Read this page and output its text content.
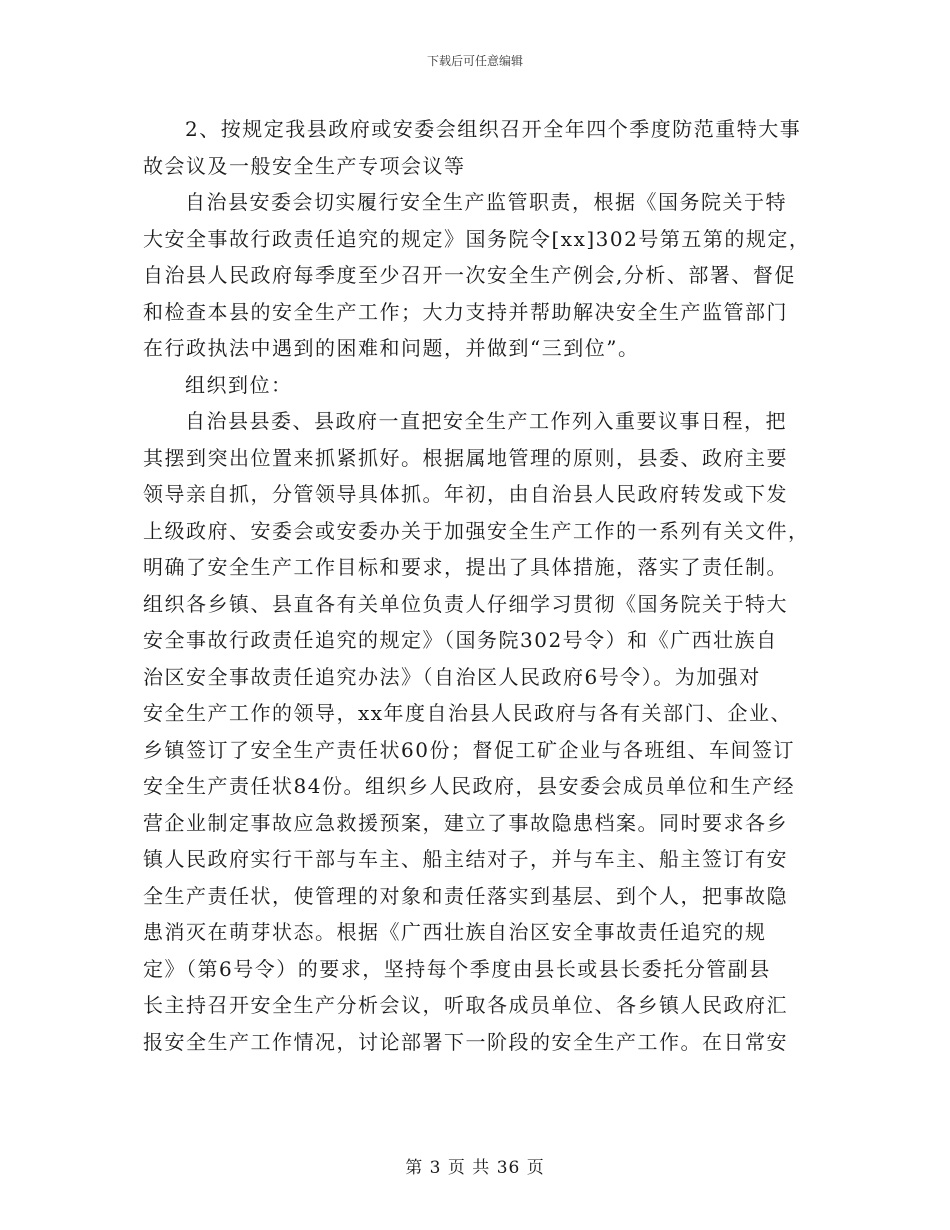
下载后可任意编辑
2、按规定我县政府或安委会组织召开全年四个季度防范重特大事
故会议及一般安全生产专项会议等
自治县安委会切实履行安全生产监管职责，根据《国务院关于特
大安全事故行政责任追究的规定》国务院令[xx]302号第五第的规定，
自治县人民政府每季度至少召开一次安全生产例会,分析、部署、督促
和检查本县的安全生产工作；大力支持并帮助解决安全生产监管部门
在行政执法中遇到的困难和问题，并做到“三到位”。
组织到位：
自治县县委、县政府一直把安全生产工作列入重要议事日程，把
其摆到突出位置来抓紧抓好。根据属地管理的原则，县委、政府主要
领导亲自抓，分管领导具体抓。年初，由自治县人民政府转发或下发
上级政府、安委会或安委办关于加强安全生产工作的一系列有关文件，
明确了安全生产工作目标和要求，提出了具体措施，落实了责任制。
组织各乡镇、县直各有关单位负责人仔细学习贯彻《国务院关于特大
安全事故行政责任追究的规定》（国务院302号令）和《广西壮族自
治区安全事故责任追究办法》（自治区人民政府6号令）。为加强对
安全生产工作的领导，xx年度自治县人民政府与各有关部门、企业、
乡镇签订了安全生产责任状60份；督促工矿企业与各班组、车间签订
安全生产责任状84份。组织乡人民政府，县安委会成员单位和生产经
营企业制定事故应急救援预案，建立了事故隐患档案。同时要求各乡
镇人民政府实行干部与车主、船主结对子，并与车主、船主签订有安
全生产责任状，使管理的对象和责任落实到基层、到个人，把事故隐
患消灭在萌芽状态。根据《广西壮族自治区安全事故责任追究的规
定》（第6号令）的要求，坚持每个季度由县长或县长委托分管副县
长主持召开安全生产分析会议，听取各成员单位、各乡镇人民政府汇
报安全生产工作情况，讨论部署下一阶段的安全生产工作。在日常安
第 3 页 共 36 页
